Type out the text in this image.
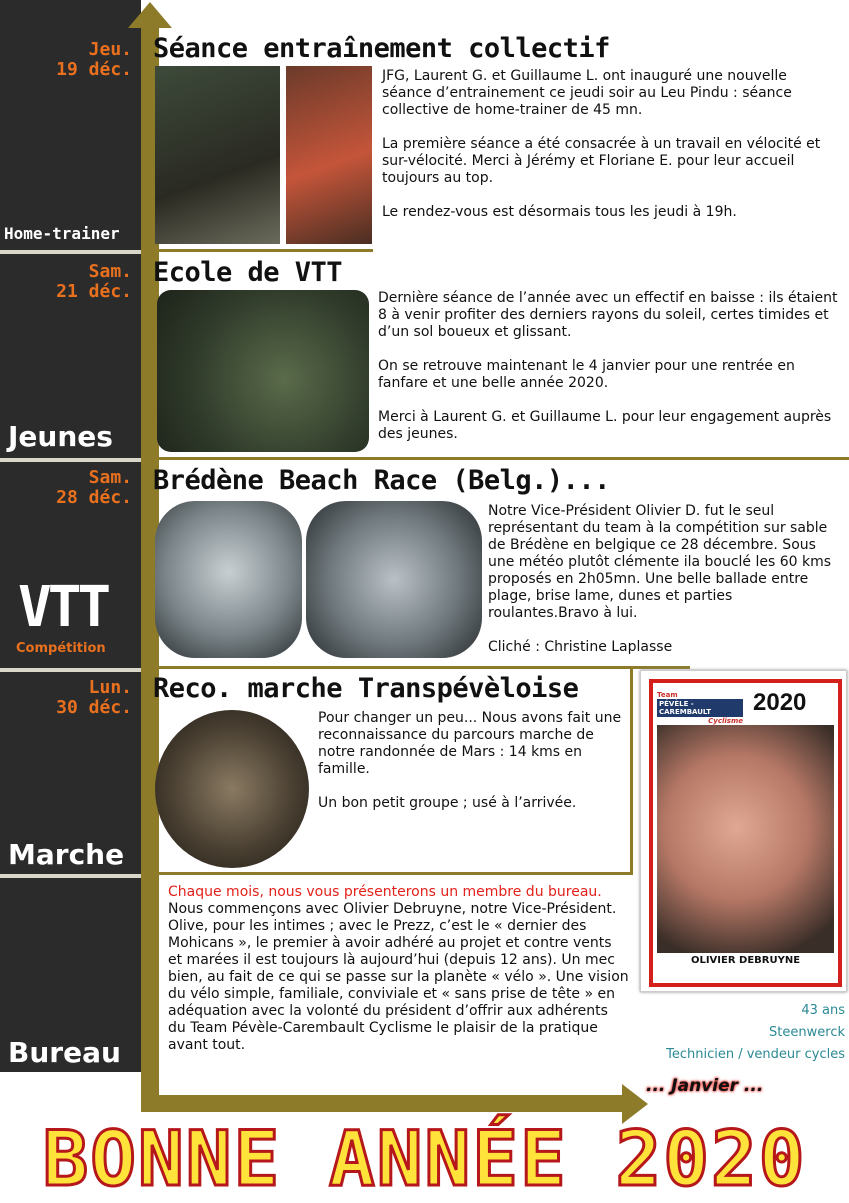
Jeu.
19 déc.
Sam.
21 déc.
Sam.
28 déc.
Lun.
30 déc.
Home-trainer
Jeunes
VTT
Compétition
Marche
Bureau
Séance entraînement collectif

JFG, Laurent G. et Guillaume L. ont inauguré une nouvelle séance d’entrainement ce jeudi soir au Leu Pindu : séance collective de home-trainer de 45 mn.

La première séance a été consacrée à un travail en vélocité et sur-vélocité. Merci à Jérémy et Floriane E. pour leur accueil toujours au top.

Le rendez-vous est désormais tous les jeudi à 19h.

Ecole de VTT

Dernière séance de l’année avec un effectif en baisse : ils étaient 8 à venir profiter des derniers rayons du soleil, certes timides et d’un sol boueux et glissant.

On se retrouve maintenant le 4 janvier pour une rentrée en fanfare et une belle année 2020.

Merci à Laurent G. et Guillaume L. pour leur engagement auprès des jeunes.

Brédène Beach Race (Belg.)...

Notre Vice-Président Olivier D. fut le seul représentant du team à la compétition sur sable de Brédène en belgique ce 28 décembre. Sous une météo plutôt clémente ila bouclé les 60 kms proposés en 2h05mn. Une belle ballade entre plage, brise lame, dunes et parties roulantes.Bravo à lui.

Cliché : Christine Laplasse

Reco. marche Transpévèloise

Pour changer un peu... Nous avons fait une reconnaissance du parcours marche de notre randonnée de Mars : 14 kms en famille.

Un bon petit groupe ; usé à l’arrivée.

Chaque mois, nous vous présenterons un membre du bureau. Nous commençons avec Olivier Debruyne, notre Vice-Président. Olive, pour les intimes ; avec le Prezz, c’est le « dernier des Mohicans », le premier à avoir adhéré au projet et contre vents et marées il est toujours là aujourd’hui (depuis 12 ans). Un mec bien, au fait de ce qui se passe sur la planète « vélo ». Une vision du vélo simple, familiale, conviviale et « sans prise de tête » en adéquation avec la volonté du président d’offrir aux adhérents du Team Pévèle-Carembault Cyclisme le plaisir de la pratique avant tout.
Team
PÉVÈLE - CAREMBAULT
Cyclisme
2020
OLIVIER DEBRUYNE
43 ans
Steenwerck
Technicien / vendeur cycles
... Janvier ...
BONNE ANNÉE 2020
